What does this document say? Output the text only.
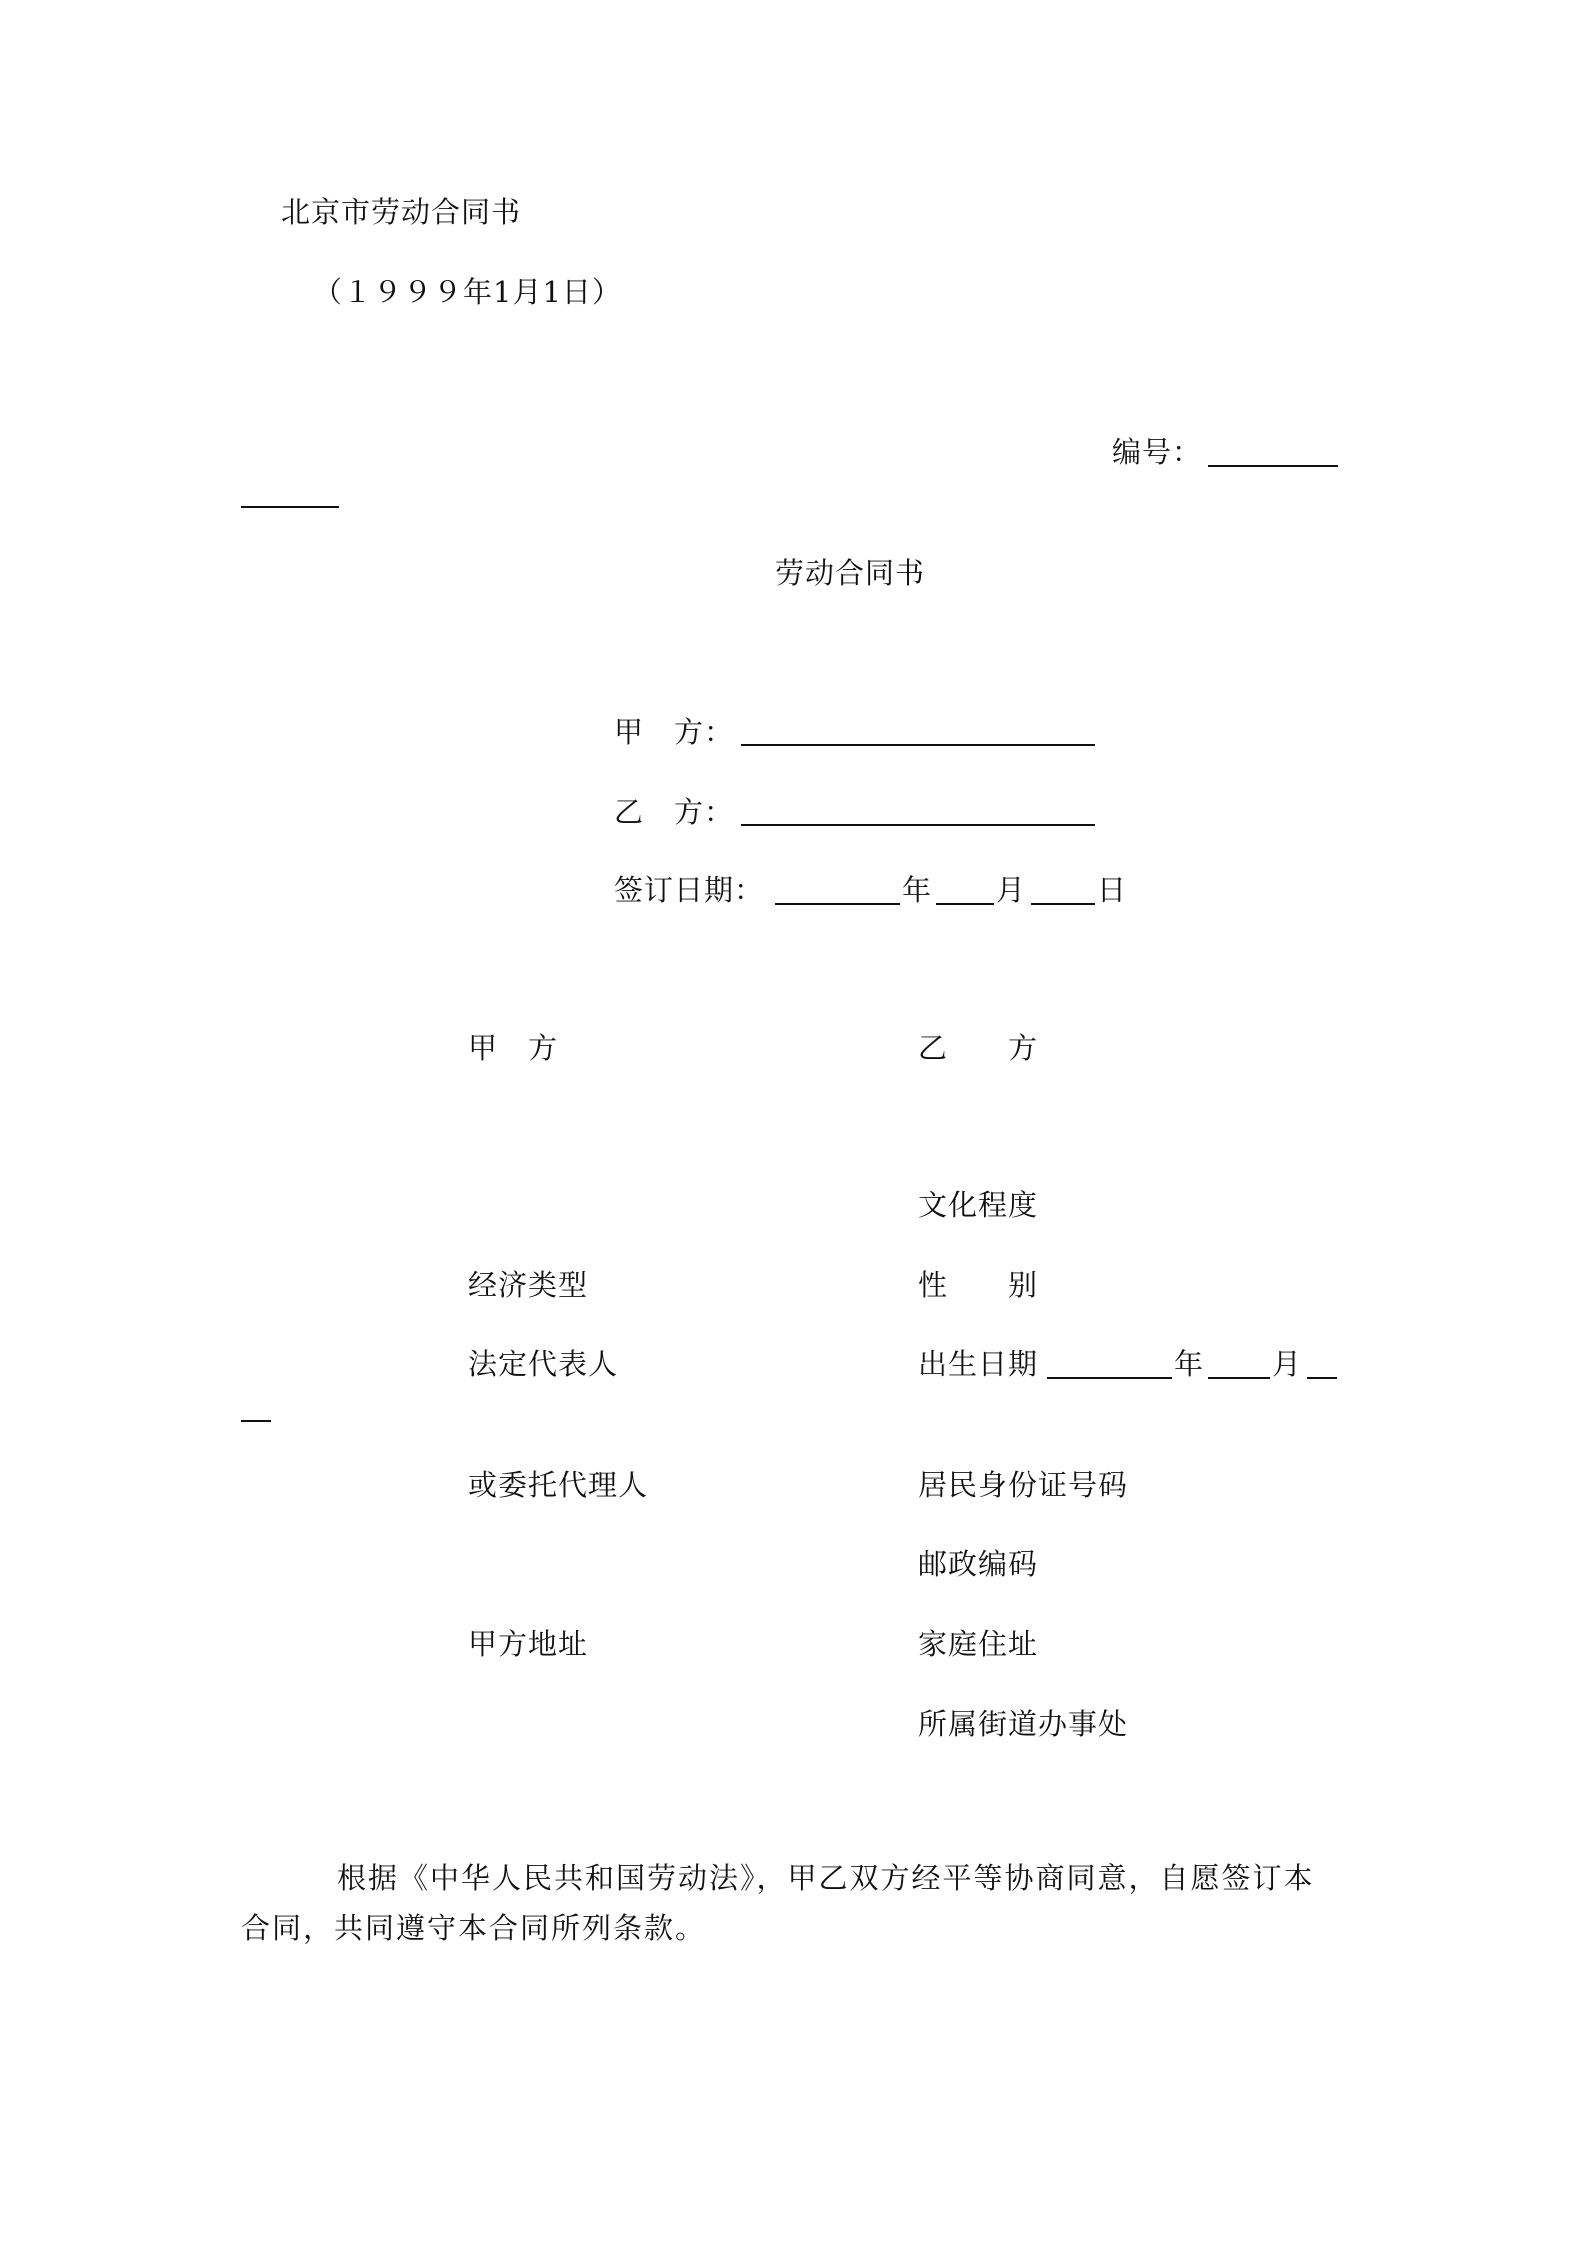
北京市劳动合同书
（１９９９年1月1日）
编号：
劳动合同书
甲　方：
乙　方：
签订日期：	年 月 日
甲　方
经济类型
法定代表人
或委托代理人
甲方地址
乙　　方
文化程度
性　　别
出生日期	年 月
居民身份证号码
邮政编码
家庭住址
所属街道办事处
根据《中华人民共和国劳动法》，甲乙双方经平等协商同意，自愿签订本合同，共同遵守本合同所列条款。
